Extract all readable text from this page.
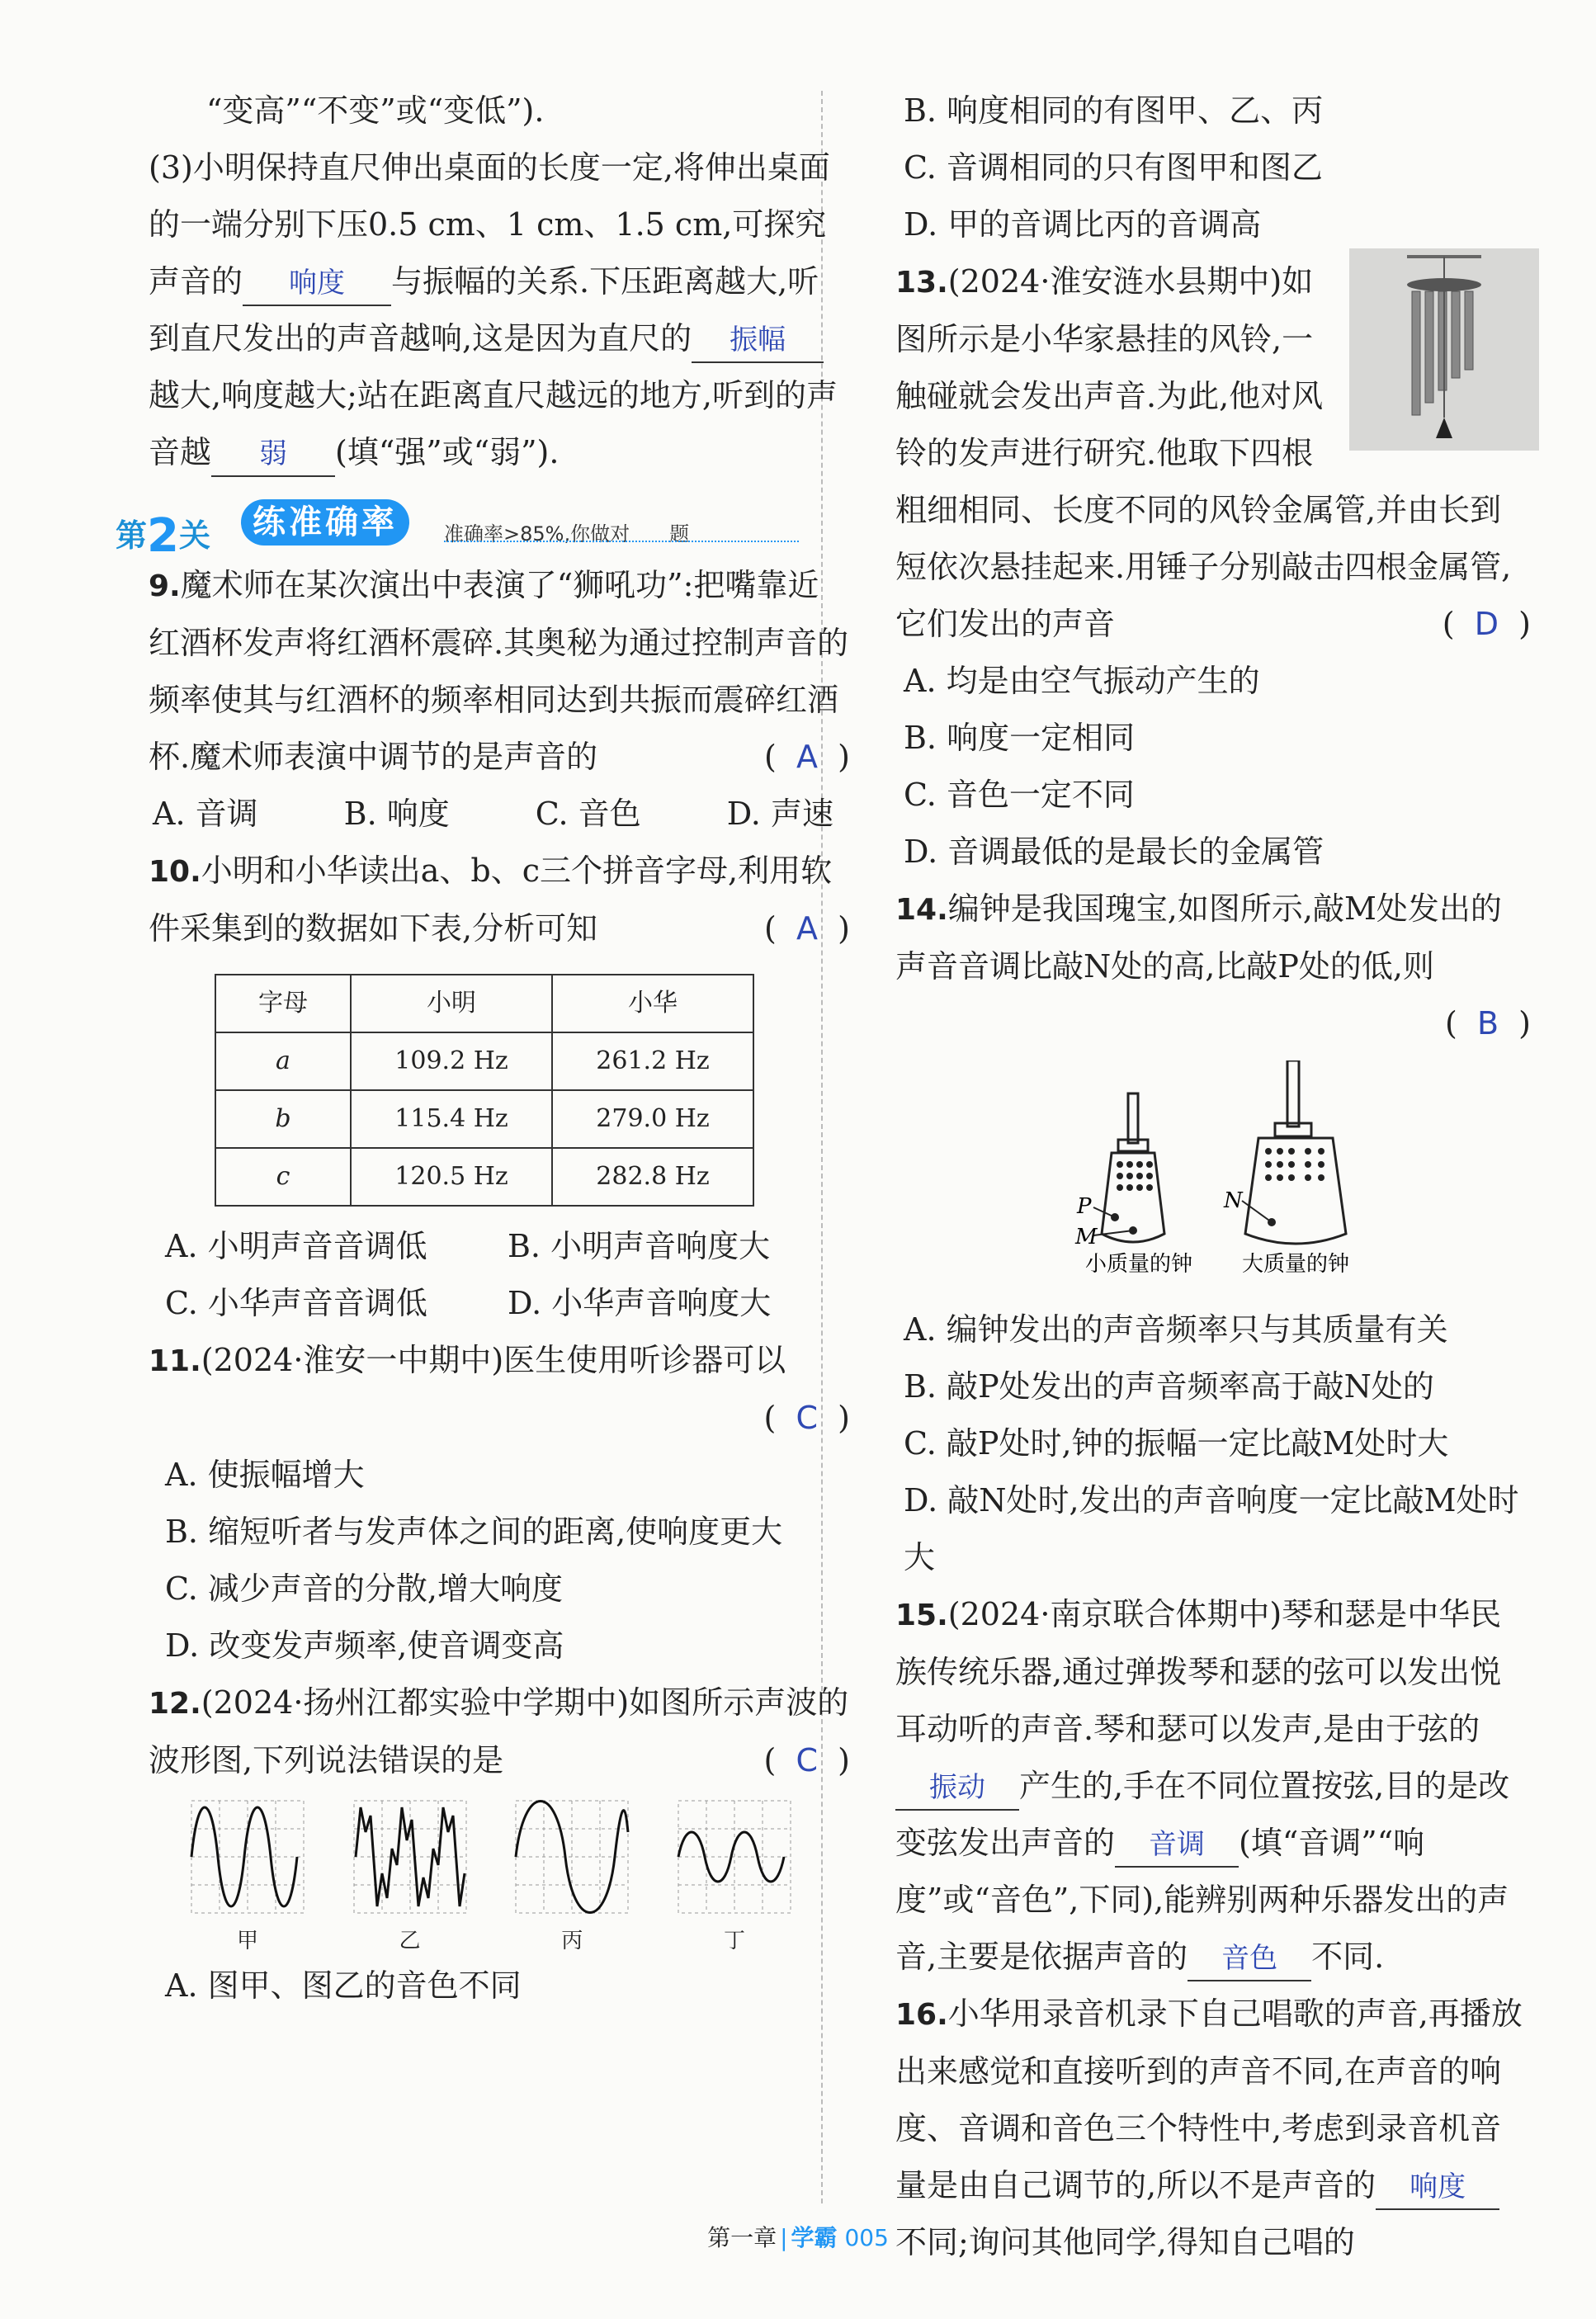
“变高”“不变”或“变低”).

(3)小明保持直尺伸出桌面的长度一定,将伸出桌面的一端分别下压0.5 cm、1 cm、1.5 cm,可探究声音的 响度 与振幅的关系.下压距离越大,听到直尺发出的声音越响,这是因为直尺的 振幅越大,响度越大;站在距离直尺越远的地方,听到的声音越 弱 (填“强”或“弱”).

第2关	练准确率	准确率>85%,你做对　　题

9.魔术师在某次演出中表演了“狮吼功”:把嘴靠近红酒杯发声将红酒杯震碎.其奥秘为通过控制声音的频率使其与红酒杯的频率相同达到共振而震碎红酒杯.魔术师表演中调节的是声音的	(  A  )

A. 音调	B. 响度	C. 音色	D. 声速

10.小明和小华读出a、b、c三个拼音字母,利用软件采集到的数据如下表,分析可知	(  A  )

字母	小明	小华
a	109.2 Hz	261.2 Hz
b	115.4 Hz	279.0 Hz
c	120.5 Hz	282.8 Hz
A. 小明声音音调低	B. 小明声音响度大
C. 小华声音音调低	D. 小华声音响度大

11.(2024·淮安一中期中)医生使用听诊器可以

(  C  )

A. 使振幅增大

B. 缩短听者与发声体之间的距离,使响度更大

C. 减少声音的分散,增大响度

D. 改变发声频率,使音调变高

12.(2024·扬州江都实验中学期中)如图所示声波的波形图,下列说法错误的是	(  C  )

甲	乙	丙	丁

A. 图甲、图乙的音色不同

B. 响度相同的有图甲、乙、丙

C. 音调相同的只有图甲和图乙

D. 甲的音调比丙的音调高

13.(2024·淮安涟水县期中)如图所示是小华家悬挂的风铃,一触碰就会发出声音.为此,他对风铃的发声进行研究.他取下四根粗细相同、长度不同的风铃金属管,并由长到短依次悬挂起来.用锤子分别敲击四根金属管,它们发出的声音	(  D  )

A. 均是由空气振动产生的

B. 响度一定相同

C. 音色一定不同

D. 音调最低的是最长的金属管

14.编钟是我国瑰宝,如图所示,敲M处发出的声音音调比敲N处的高,比敲P处的低,则

(  B  )

P
M
小质量的钟
N
大质量的钟

A. 编钟发出的声音频率只与其质量有关

B. 敲P处发出的声音频率高于敲N处的

C. 敲P处时,钟的振幅一定比敲M处时大

D. 敲N处时,发出的声音响度一定比敲M处时大

15.(2024·南京联合体期中)琴和瑟是中华民族传统乐器,通过弹拨琴和瑟的弦可以发出悦耳动听的声音.琴和瑟可以发声,是由于弦的振动 产生的,手在不同位置按弦,目的是改变弦发出声音的 音调 (填“音调”“响度”或“音色”,下同),能辨别两种乐器发出的声音,主要是依据声音的 音色 不同.

16.小华用录音机录下自己唱歌的声音,再播放出来感觉和直接听到的声音不同,在声音的响度、音调和音色三个特性中,考虑到录音机音量是由自己调节的,所以不是声音的 响度不同;询问其他同学,得知自己唱的

第一章 | 学霸 005
